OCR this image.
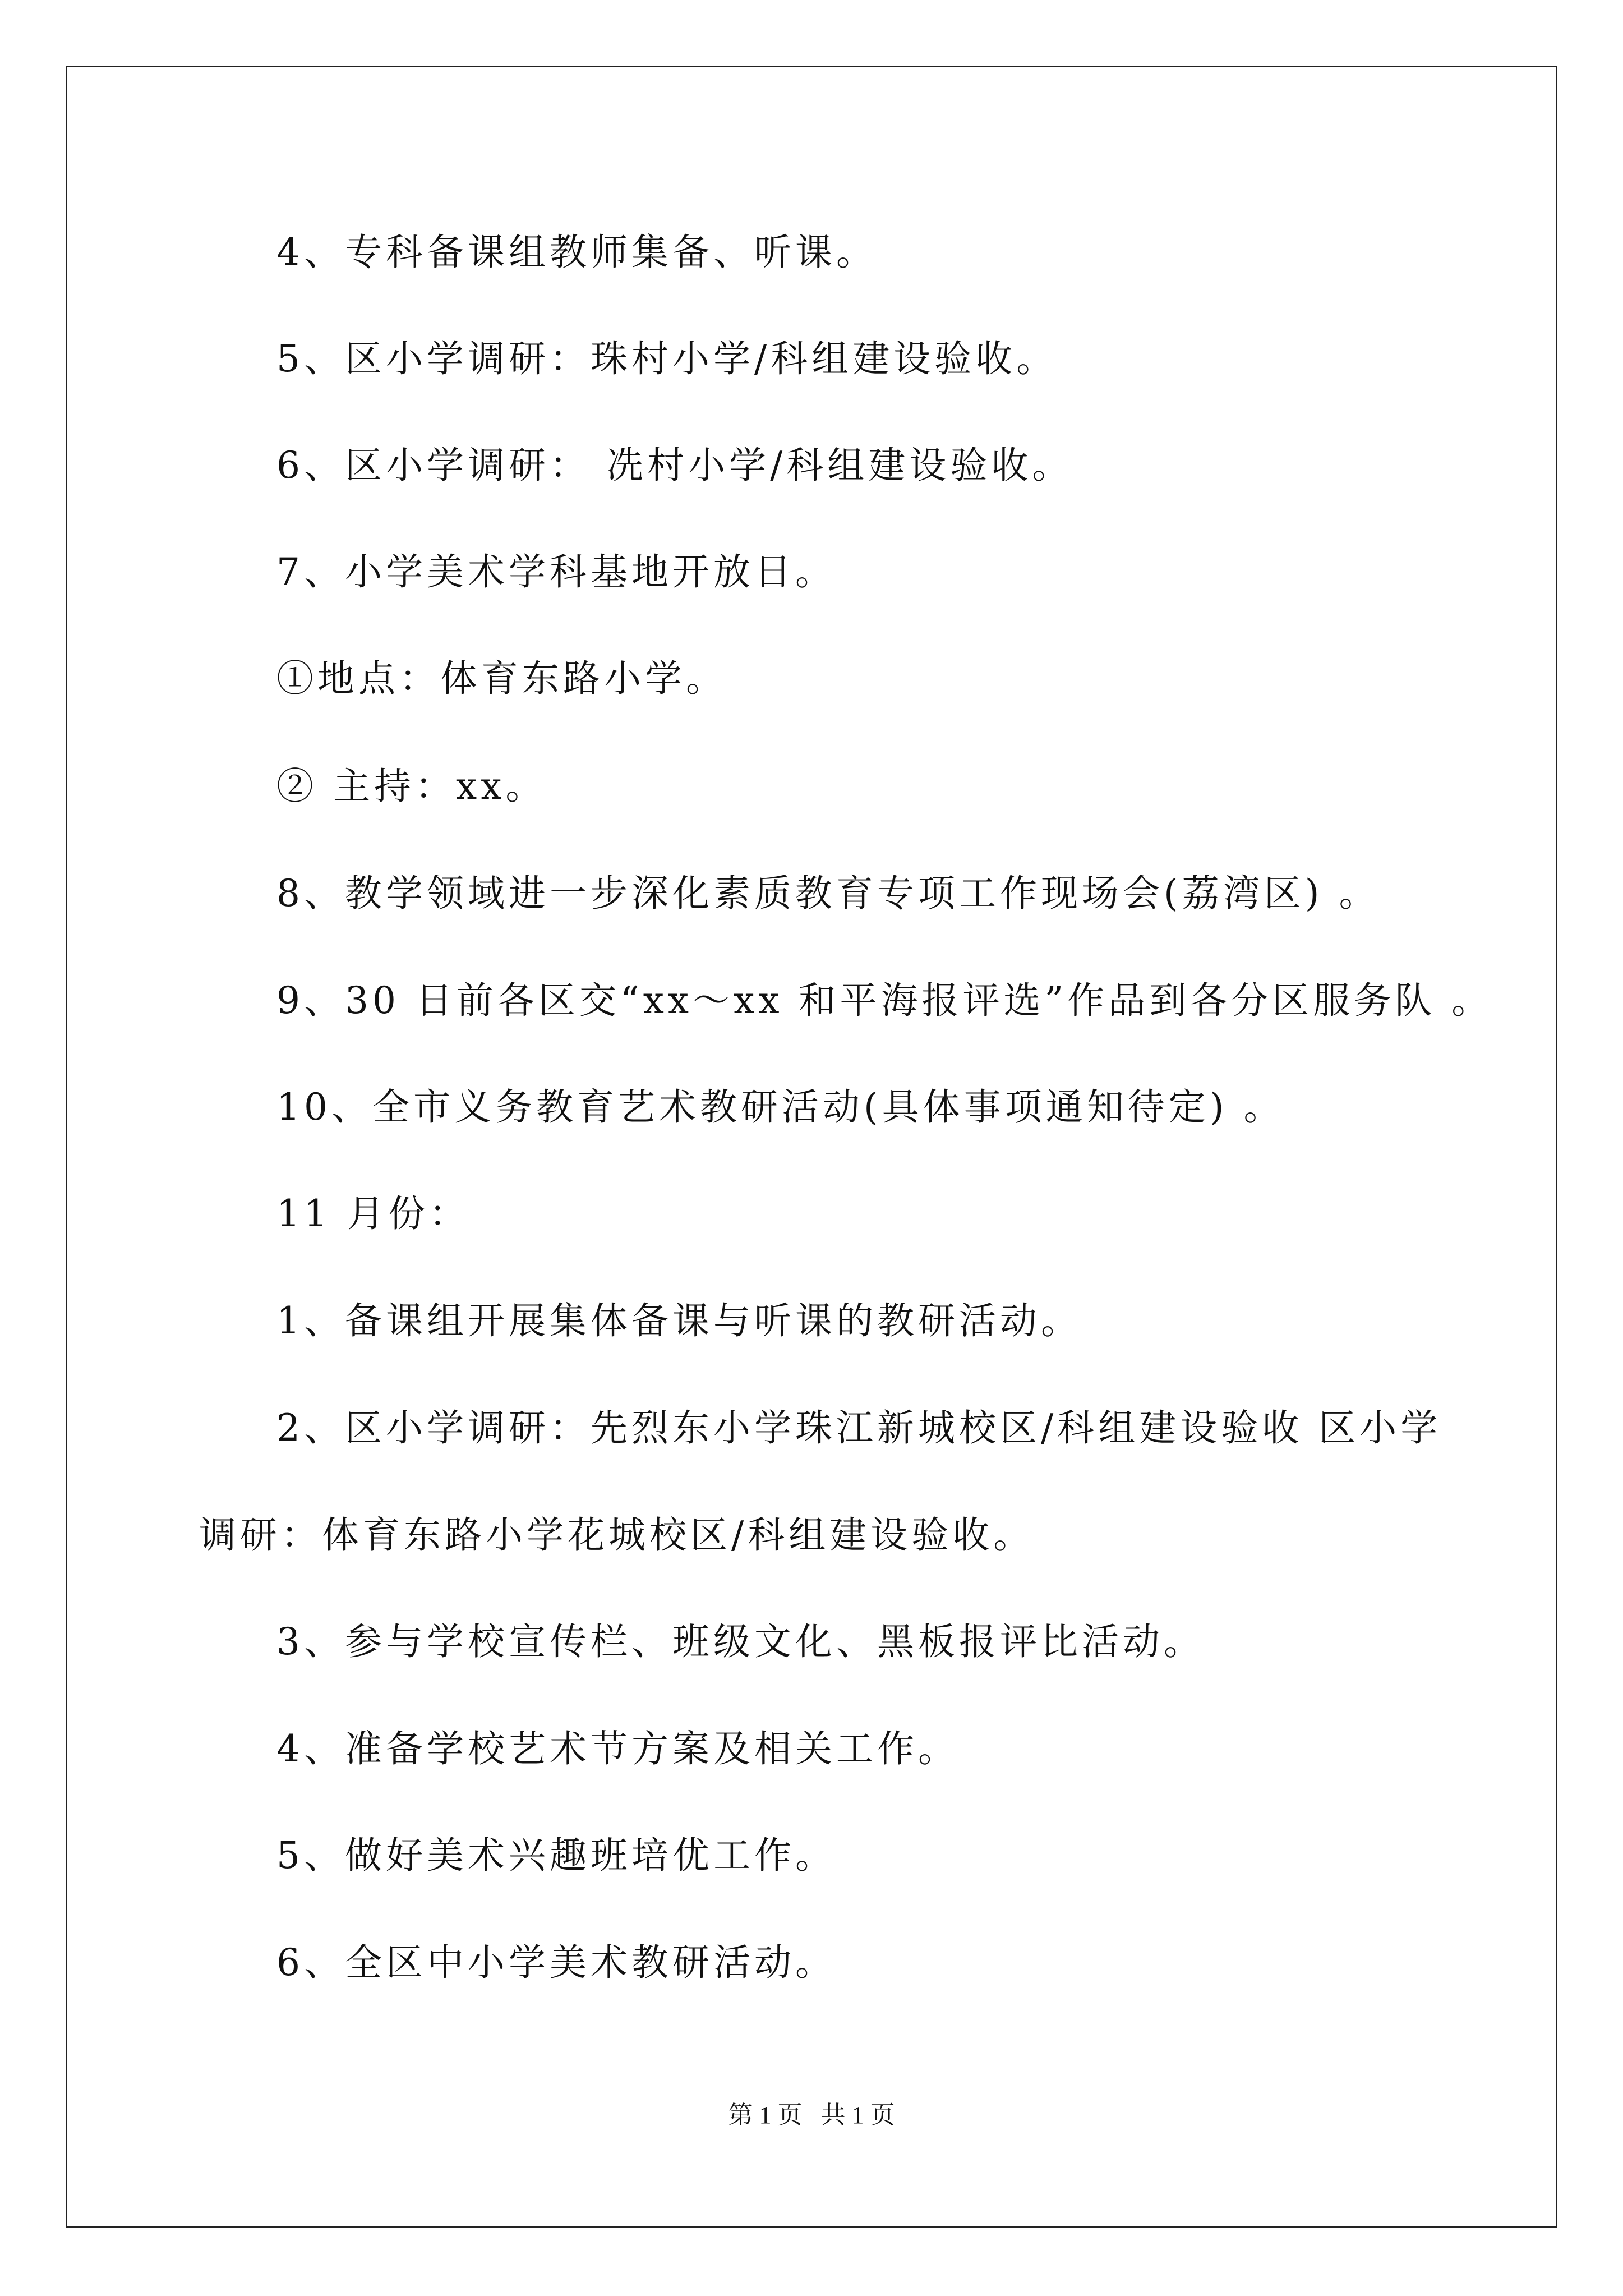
4、专科备课组教师集备、听课。
5、区小学调研：珠村小学/科组建设验收。
6、区小学调研： 冼村小学/科组建设验收。
7、小学美术学科基地开放日。
①地点：体育东路小学。
② 主持：xx。
8、教学领域进一步深化素质教育专项工作现场会(荔湾区) 。
9、30 日前各区交“xx～xx 和平海报评选”作品到各分区服务队 。
10、全市义务教育艺术教研活动(具体事项通知待定) 。
11 月份：
1、备课组开展集体备课与听课的教研活动。
2、区小学调研：先烈东小学珠江新城校区/科组建设验收 区小学
调研：体育东路小学花城校区/科组建设验收。
3、参与学校宣传栏、班级文化、黑板报评比活动。
4、准备学校艺术节方案及相关工作。
5、做好美术兴趣班培优工作。
6、全区中小学美术教研活动。
第 1 页   共 1 页
